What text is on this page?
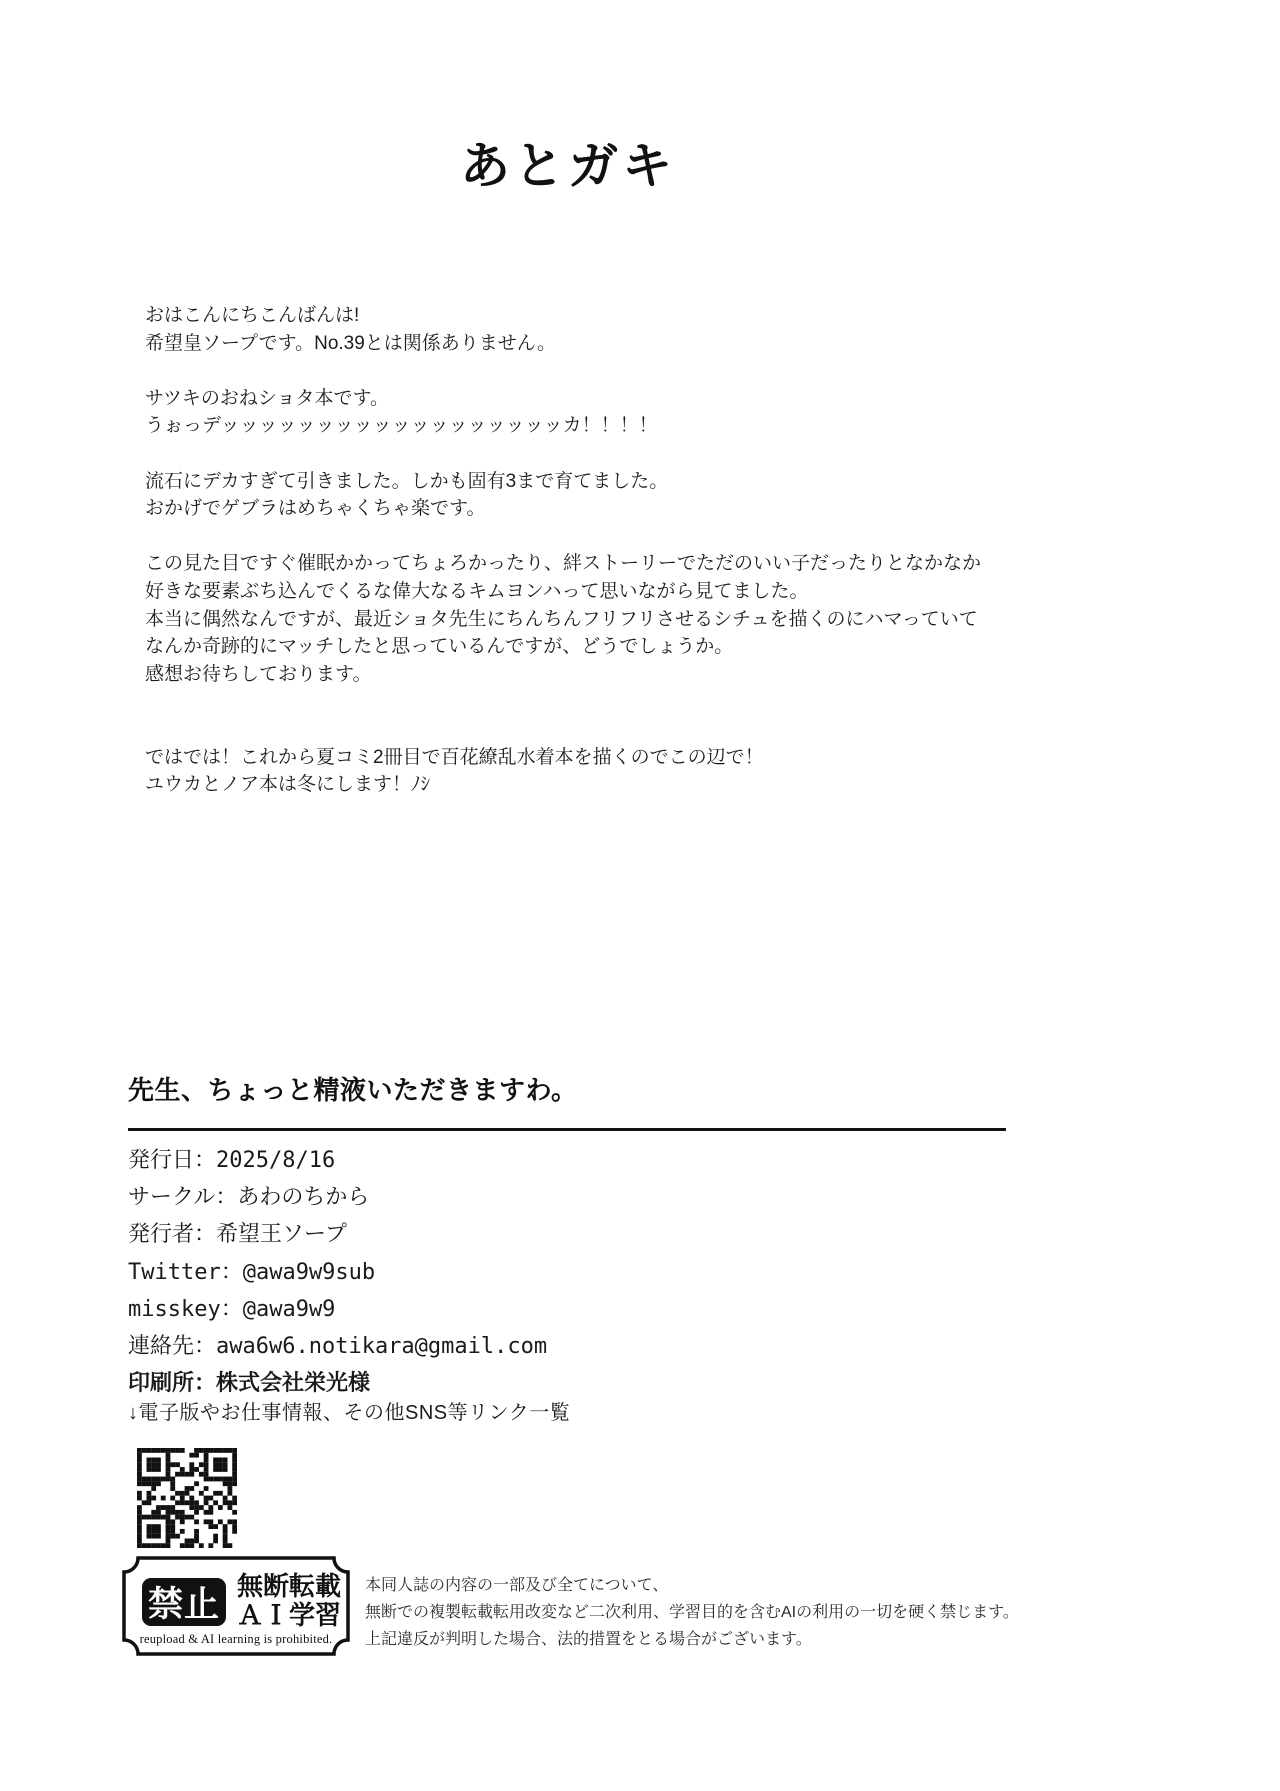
あとガキ
おはこんにちこんばんは!
希望皇ソープです。No.39とは関係ありません。
サツキのおねショタ本です。
うぉっデッッッッッッッッッッッッッッッッッッカ！！！！
流石にデカすぎて引きました。しかも固有3まで育てました。
おかげでゲブラはめちゃくちゃ楽です。
この見た目ですぐ催眠かかってちょろかったり、絆ストーリーでただのいい子だったりとなかなか
好きな要素ぶち込んでくるな偉大なるキムヨンハって思いながら見てました。
本当に偶然なんですが、最近ショタ先生にちんちんフリフリさせるシチュを描くのにハマっていて
なんか奇跡的にマッチしたと思っているんですが、どうでしょうか。
感想お待ちしております。
ではでは！これから夏コミ2冊目で百花繚乱水着本を描くのでこの辺で！
ユウカとノア本は冬にします！ﾉｼ
先生、ちょっと精液いただきますわ。
発行日：2025/8/16
サークル：あわのちから
発行者：希望王ソープ
Twitter：@awa9w9sub
misskey：@awa9w9
連絡先：awa6w6.notikara@gmail.com
印刷所：株式会社栄光様
↓電子版やお仕事情報、その他SNS等リンク一覧
禁止 無断転載
ＡＩ学習
reupload & AI learning is prohibited.
本同人誌の内容の一部及び全てについて、
無断での複製転載転用改変など二次利用、学習目的を含むAIの利用の一切を硬く禁じます。
上記違反が判明した場合、法的措置をとる場合がございます。
